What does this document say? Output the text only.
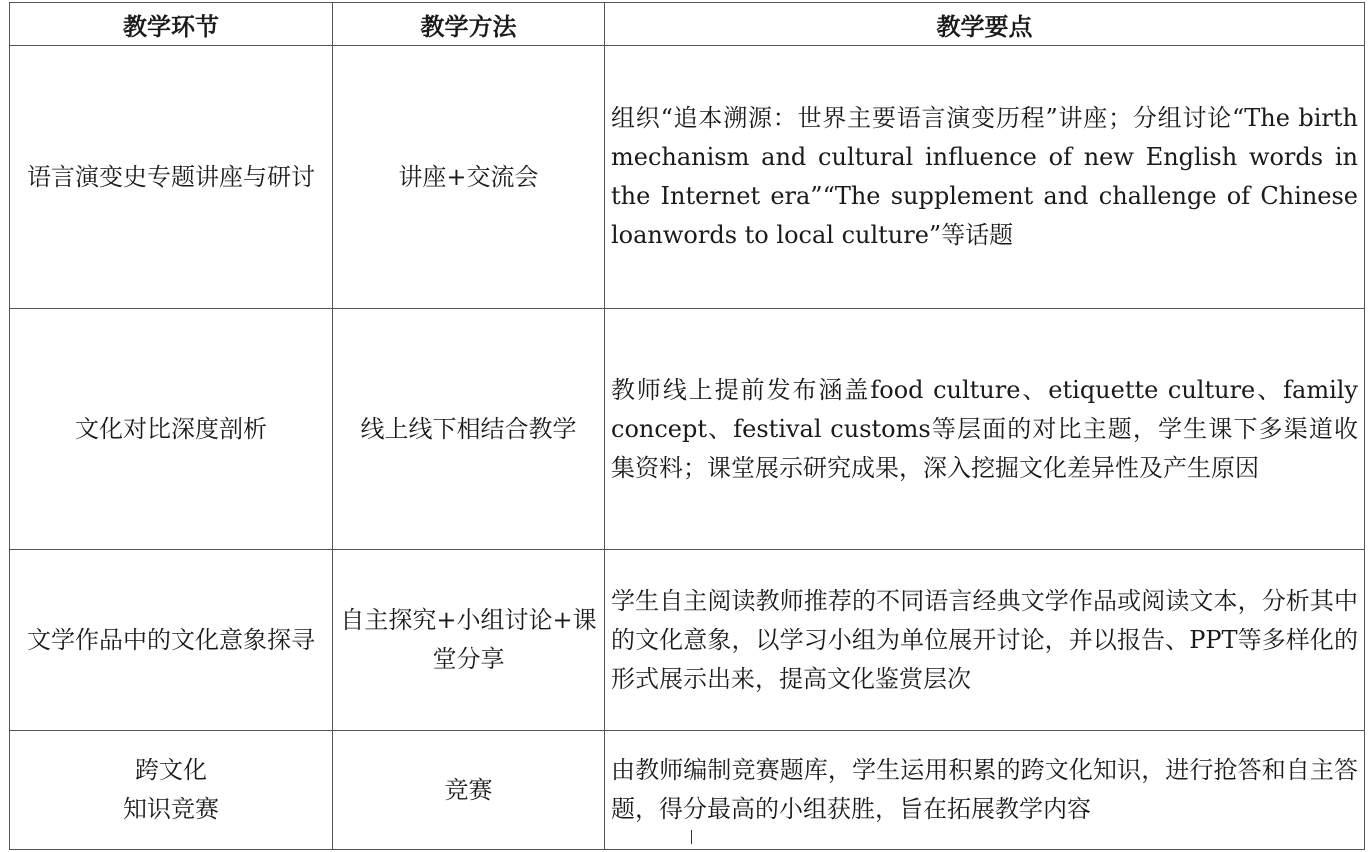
教学环节	教学方法	教学要点

语言演变史专题讲座与研讨	讲座+交流会	组织“追本溯源：世界主要语言演变历程”讲座；分组讨论“The birth mechanism and cultural influence of new English words in the Internet era”“The supplement and challenge of Chinese loanwords to local culture”等话题

文化对比深度剖析	线上线下相结合教学	教师线上提前发布涵盖food culture、etiquette culture、family concept、festival customs等层面的对比主题，学生课下多渠道收集资料；课堂展示研究成果，深入挖掘文化差异性及产生原因

文学作品中的文化意象探寻	自主探究+小组讨论+课堂分享	学生自主阅读教师推荐的不同语言经典文学作品或阅读文本，分析其中的文化意象，以学习小组为单位展开讨论，并以报告、PPT等多样化的形式展示出来，提高文化鉴赏层次

跨文化
知识竞赛	竞赛	由教师编制竞赛题库，学生运用积累的跨文化知识，进行抢答和自主答题，得分最高的小组获胜，旨在拓展教学内容
